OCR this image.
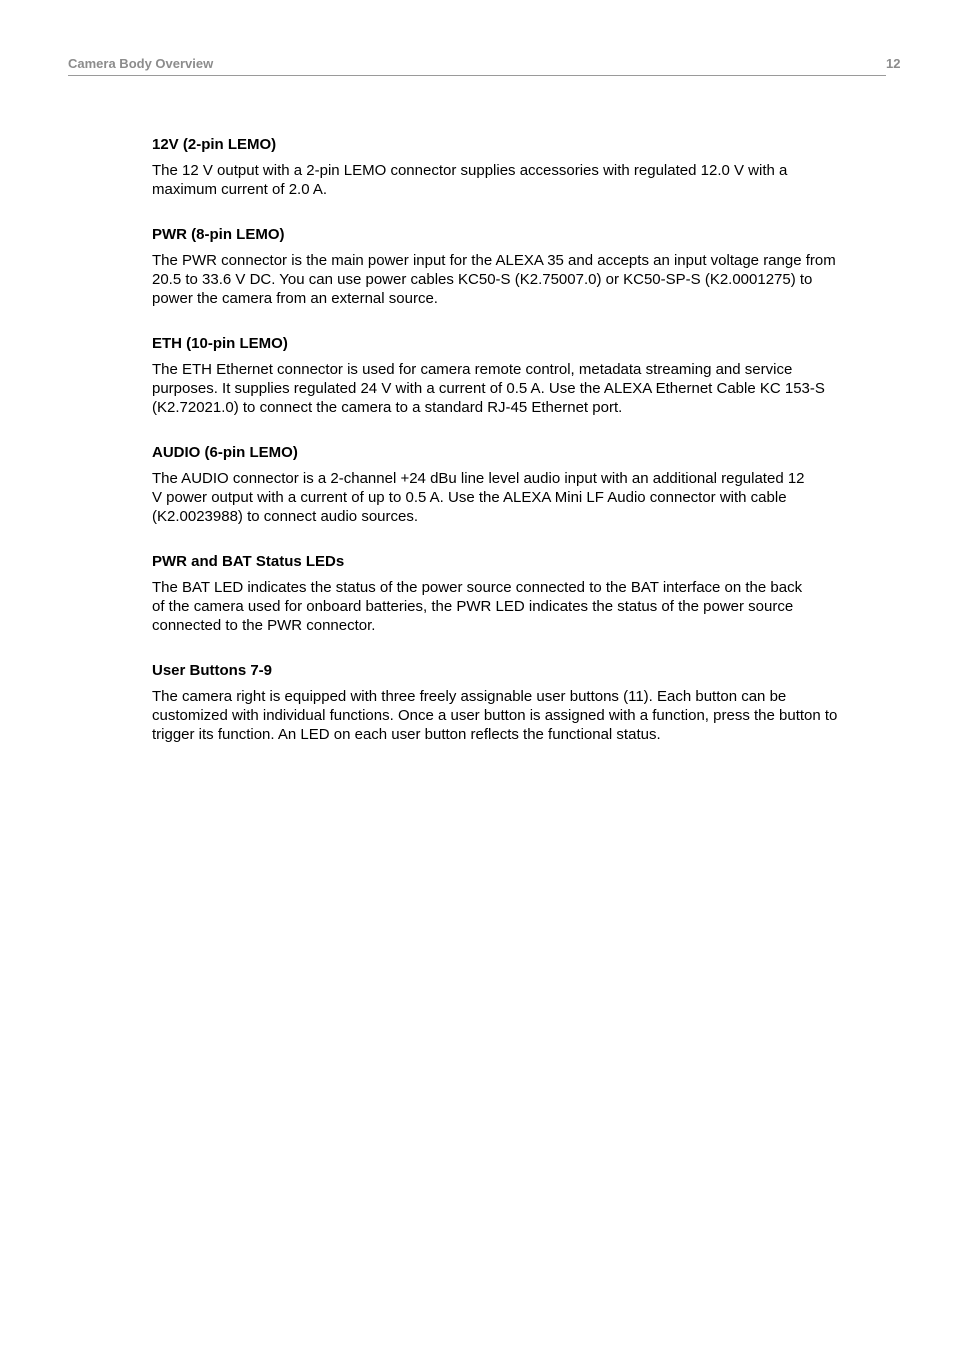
Camera Body Overview	12
12V (2-pin LEMO)

The 12 V output with a 2-pin LEMO connector supplies accessories with regulated 12.0 V with a
maximum current of 2.0 A.

PWR (8-pin LEMO)

The PWR connector is the main power input for the ALEXA 35 and accepts an input voltage range from
20.5 to 33.6 V DC. You can use power cables KC50-S (K2.75007.0) or KC50-SP-S (K2.0001275) to
power the camera from an external source.

ETH (10-pin LEMO)

The ETH Ethernet connector is used for camera remote control, metadata streaming and service
purposes. It supplies regulated 24 V with a current of 0.5 A. Use the ALEXA Ethernet Cable KC 153-S
(K2.72021.0) to connect the camera to a standard RJ-45 Ethernet port.

AUDIO (6-pin LEMO)

The AUDIO connector is a 2-channel +24 dBu line level audio input with an additional regulated 12
V power output with a current of up to 0.5 A. Use the ALEXA Mini LF Audio connector with cable
(K2.0023988) to connect audio sources.

PWR and BAT Status LEDs

The BAT LED indicates the status of the power source connected to the BAT interface on the back
of the camera used for onboard batteries, the PWR LED indicates the status of the power source
connected to the PWR connector.

User Buttons 7-9

The camera right is equipped with three freely assignable user buttons (11). Each button can be
customized with individual functions. Once a user button is assigned with a function, press the button to
trigger its function. An LED on each user button reflects the functional status.
